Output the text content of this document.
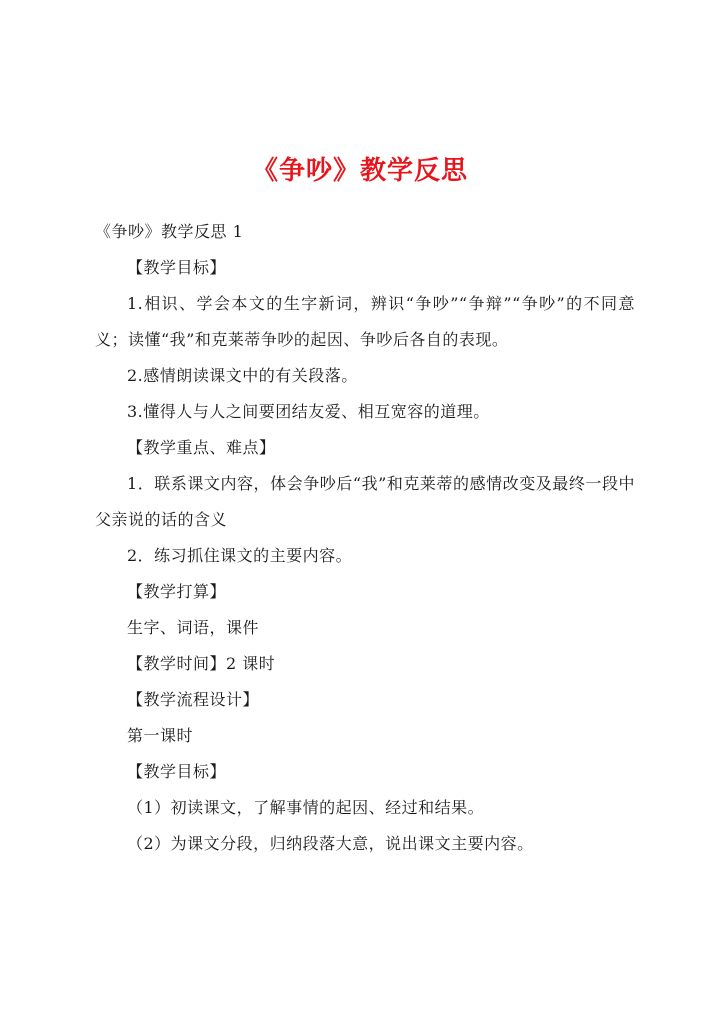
《争吵》教学反思

《争吵》教学反思 1

【教学目标】

1.相识、学会本文的生字新词，辨识“争吵”“争辩”“争吵”的不同意义；读懂“我”和克莱蒂争吵的起因、争吵后各自的表现。

2.感情朗读课文中的有关段落。

3.懂得人与人之间要团结友爱、相互宽容的道理。

【教学重点、难点】

1．联系课文内容，体会争吵后“我”和克莱蒂的感情改变及最终一段中父亲说的话的含义

2．练习抓住课文的主要内容。

【教学打算】

生字、词语，课件

【教学时间】2 课时

【教学流程设计】

第一课时

【教学目标】

（1）初读课文，了解事情的起因、经过和结果。

（2）为课文分段，归纳段落大意，说出课文主要内容。
